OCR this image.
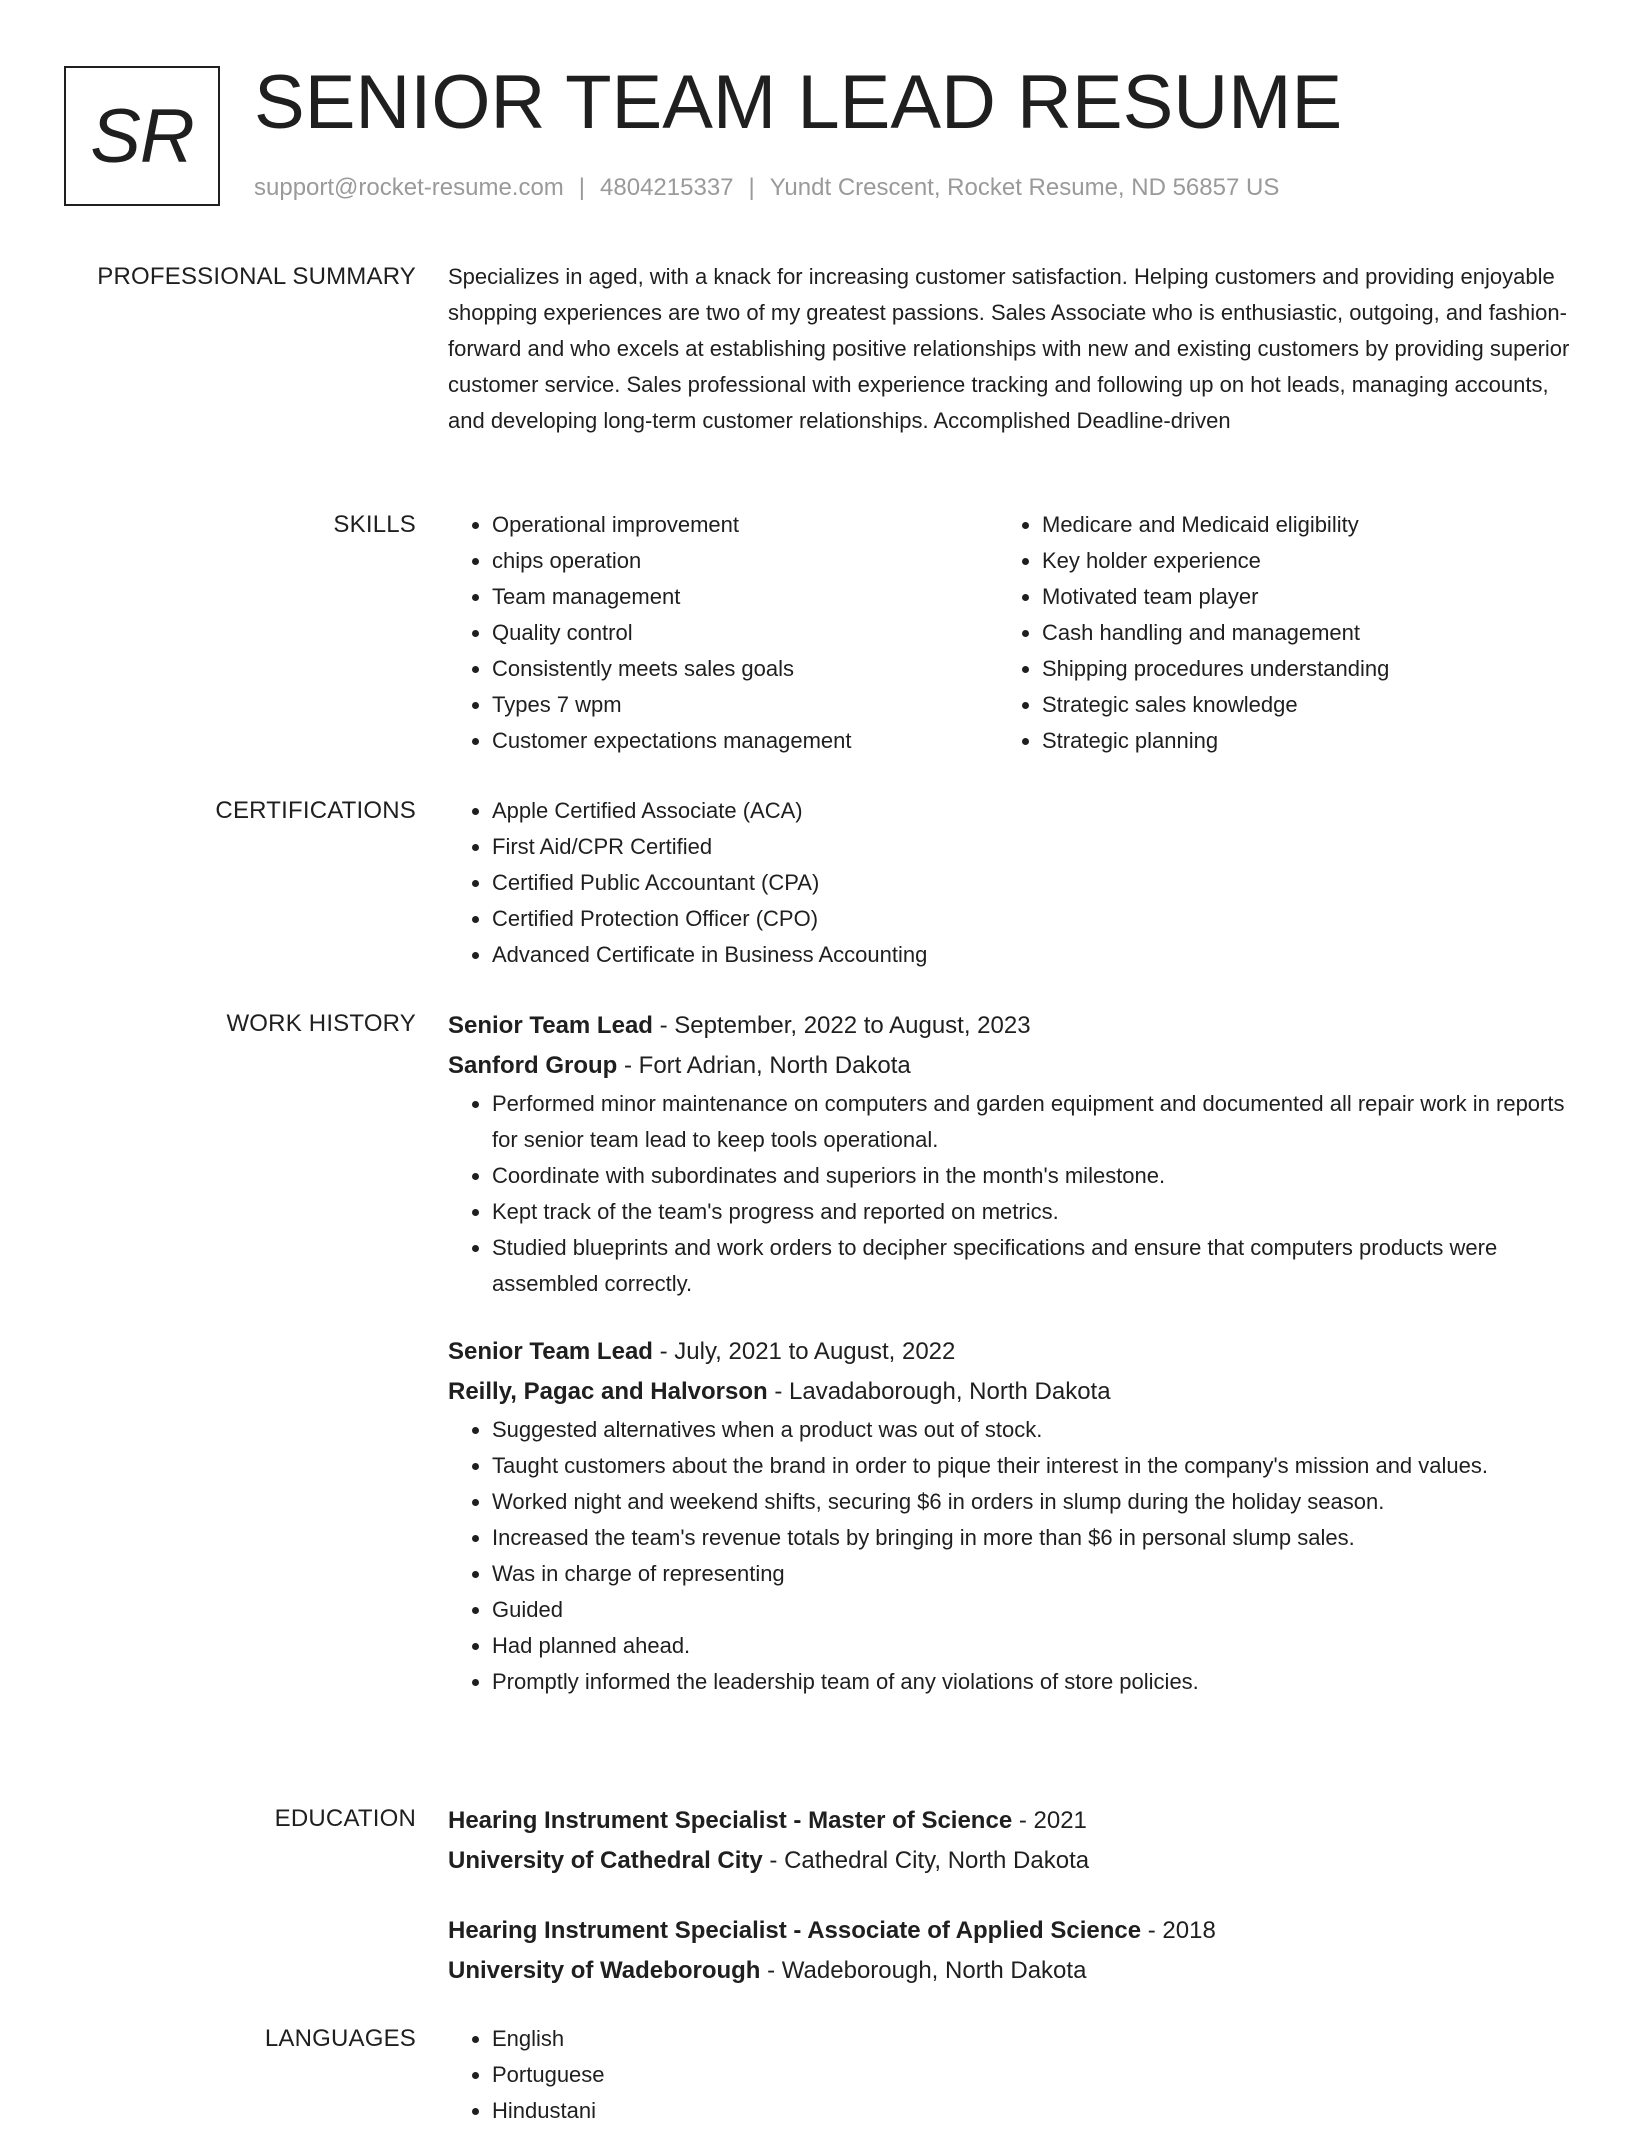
SR SENIOR TEAM LEAD RESUME
support@rocket-resume.com | 4804215337 | Yundt Crescent, Rocket Resume, ND 56857 US
PROFESSIONAL SUMMARY Specializes in aged, with a knack for increasing customer satisfaction. Helping customers and providing enjoyable shopping experiences are two of my greatest passions. Sales Associate who is enthusiastic, outgoing, and fashion-forward and who excels at establishing positive relationships with new and existing customers by providing superior customer service. Sales professional with experience tracking and following up on hot leads, managing accounts, and developing long-term customer relationships. Accomplished Deadline-driven

SKILLS	• Operational improvement
• chips operation
• Team management
• Quality control
• Consistently meets sales goals
• Types 7 wpm
• Customer expectations management
• Medicare and Medicaid eligibility
• Key holder experience
• Motivated team player
• Cash handling and management
• Shipping procedures understanding
• Strategic sales knowledge
• Strategic planning
CERTIFICATIONS	• Apple Certified Associate (ACA)
• First Aid/CPR Certified
• Certified Public Accountant (CPA)
• Certified Protection Officer (CPO)
• Advanced Certificate in Business Accounting
WORK HISTORY Senior Team Lead - September, 2022 to August, 2023
Sanford Group - Fort Adrian, North Dakota
• Performed minor maintenance on computers and garden equipment and documented all repair work in reports for senior team lead to keep tools operational.
• Coordinate with subordinates and superiors in the month's milestone.
• Kept track of the team's progress and reported on metrics.
• Studied blueprints and work orders to decipher specifications and ensure that computers products were assembled correctly.
Senior Team Lead - July, 2021 to August, 2022
Reilly, Pagac and Halvorson - Lavadaborough, North Dakota
• Suggested alternatives when a product was out of stock.
• Taught customers about the brand in order to pique their interest in the company's mission and values.
• Worked night and weekend shifts, securing $6 in orders in slump during the holiday season.
• Increased the team's revenue totals by bringing in more than $6 in personal slump sales.
• Was in charge of representing
• Guided
• Had planned ahead.
• Promptly informed the leadership team of any violations of store policies.
EDUCATION Hearing Instrument Specialist - Master of Science - 2021
University of Cathedral City - Cathedral City, North Dakota
Hearing Instrument Specialist - Associate of Applied Science - 2018
University of Wadeborough - Wadeborough, North Dakota
LANGUAGES	• English
• Portuguese
• Hindustani
